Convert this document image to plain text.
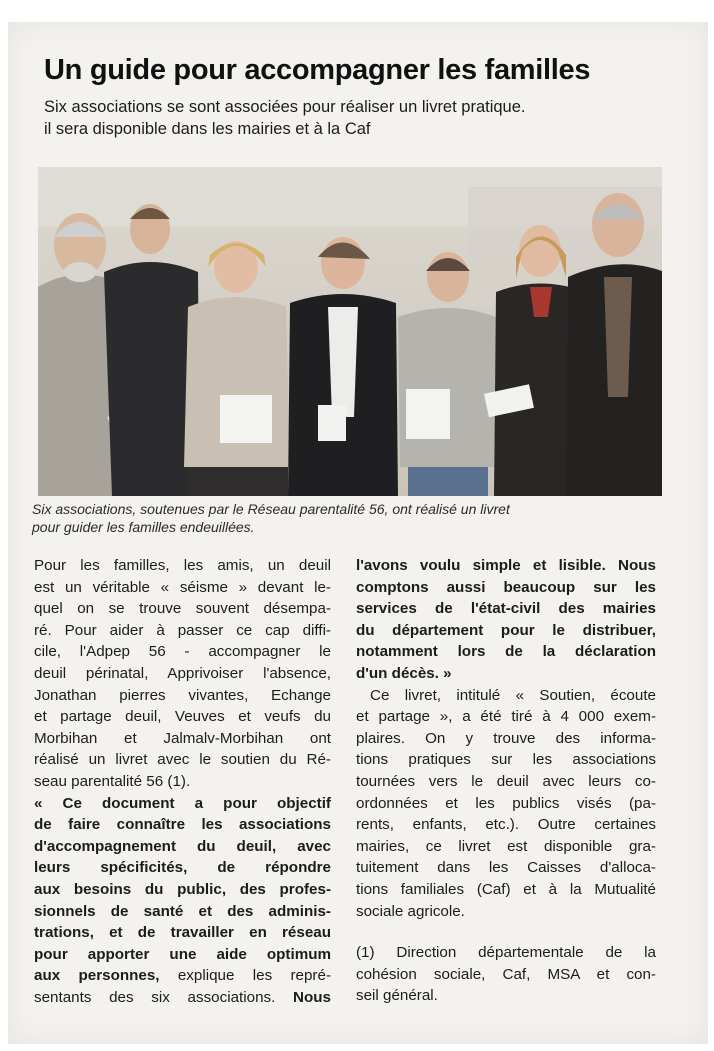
Un guide pour accompagner les familles
Six associations se sont associées pour réaliser un livret pratique.
il sera disponible dans les mairies et à la Caf
Six associations, soutenues par le Réseau parentalité 56, ont réalisé un livret
pour guider les familles endeuillées.
Pour les familles, les amis, un deuil
est un véritable « séisme » devant le-
quel on se trouve souvent désempa-
ré. Pour aider à passer ce cap diffi-
cile, l'Adpep 56 - accompagner le
deuil périnatal, Apprivoiser l'absence,
Jonathan pierres vivantes, Echange
et partage deuil, Veuves et veufs du
Morbihan et Jalmalv-Morbihan ont
réalisé un livret avec le soutien du Ré-
seau parentalité 56 (1).
« Ce document a pour objectif
de faire connaître les associations
d'accompagnement du deuil, avec
leurs spécificités, de répondre
aux besoins du public, des profes-
sionnels de santé et des adminis-
trations, et de travailler en réseau
pour apporter une aide optimum
aux personnes, explique les repré-
sentants des six associations. Nous
l'avons voulu simple et lisible. Nous
comptons aussi beaucoup sur les
services de l'état-civil des mairies
du département pour le distribuer,
notamment lors de la déclaration
d'un décès. »
Ce livret, intitulé « Soutien, écoute
et partage », a été tiré à 4 000 exem-
plaires. On y trouve des informa-
tions pratiques sur les associations
tournées vers le deuil avec leurs co-
ordonnées et les publics visés (pa-
rents, enfants, etc.). Outre certaines
mairies, ce livret est disponible gra-
tuitement dans les Caisses d'alloca-
tions familiales (Caf) et à la Mutualité
sociale agricole.
(1) Direction départementale de la
cohésion sociale, Caf, MSA et con-
seil général.
